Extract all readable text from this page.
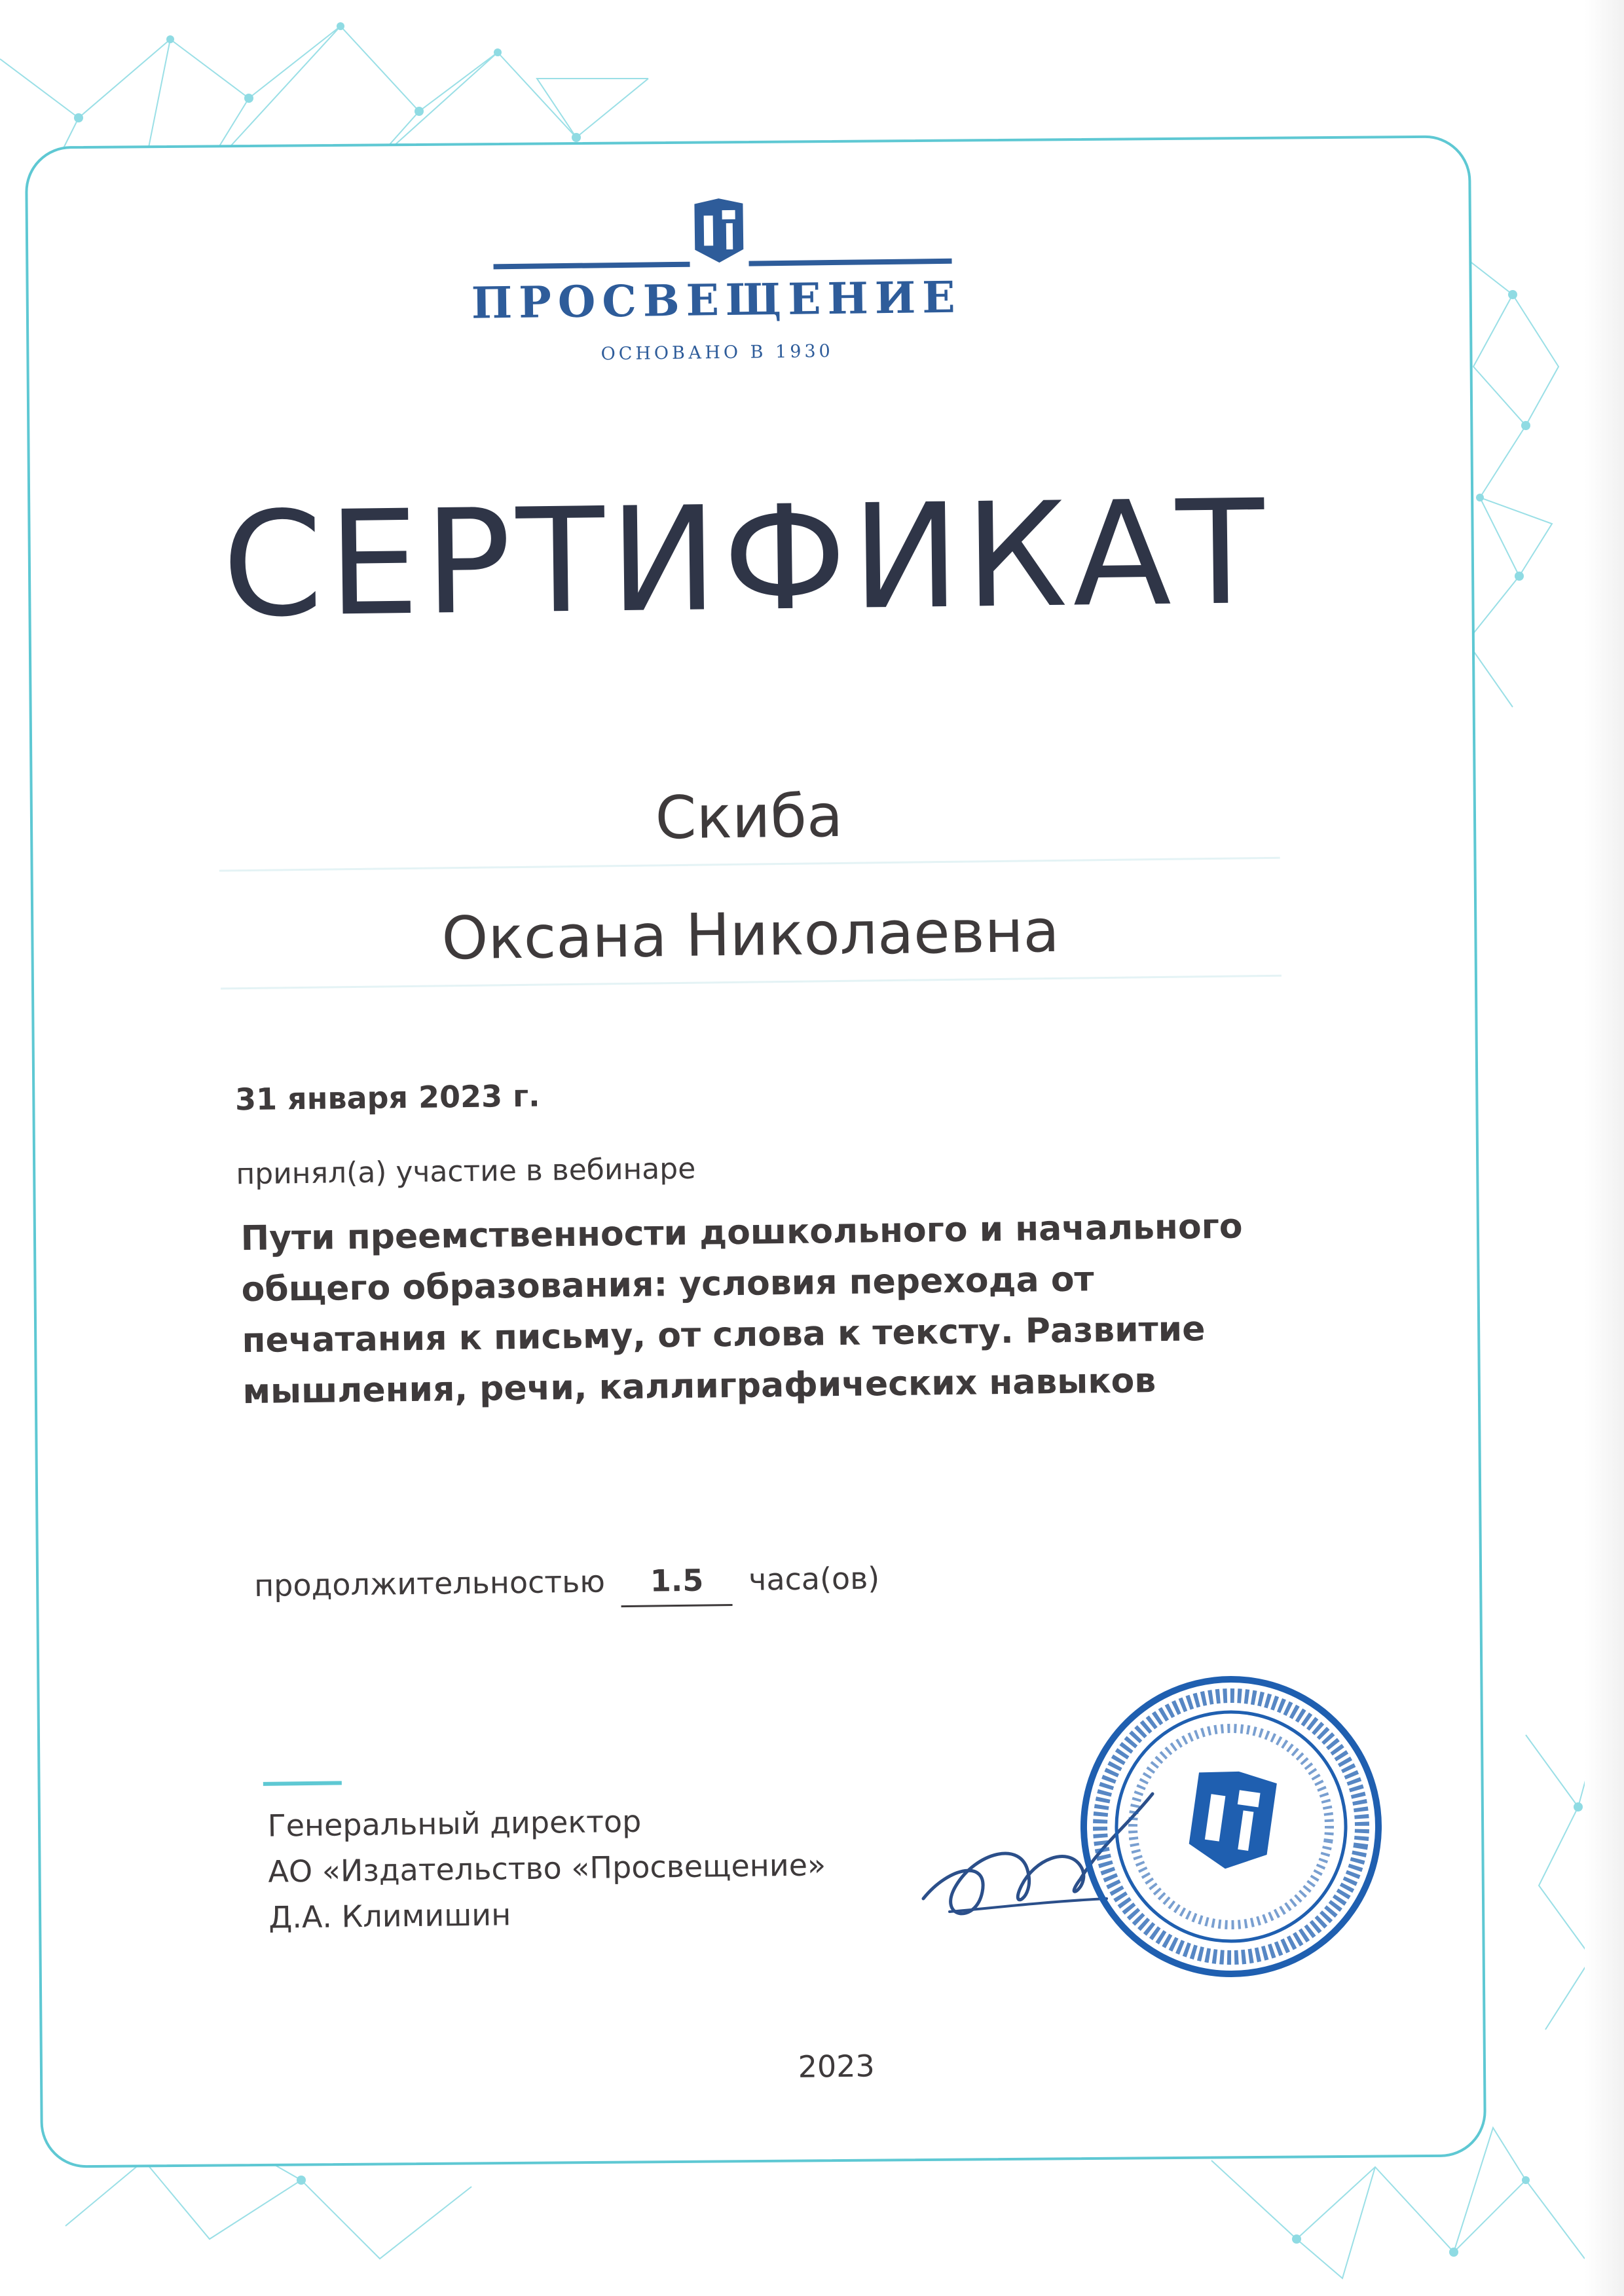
ПРОСВЕЩЕНИЕ
ОСНОВАНО В 1930
СЕРТИФИКАТ
Скиба
Оксана Николаевна
31 января 2023 г.
принял(а) участие в вебинаре
Пути преемственности дошкольного и начального
общего образования: условия перехода от
печатания к письму, от слова к тексту. Развитие
мышления, речи, каллиграфических навыков
продолжительностью 1.5 часа(ов)
Генеральный директор
АО «Издательство «Просвещение»
Д.А. Климишин
2023
